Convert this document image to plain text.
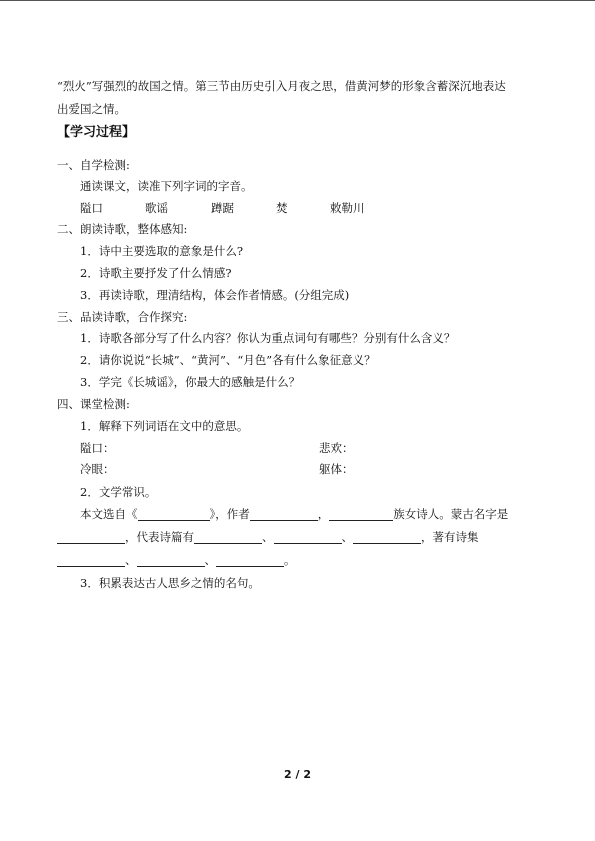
“烈火”写强烈的故国之情。第三节由历史引入月夜之思，借黄河梦的形象含蓄深沉地表达
出爱国之情。
【学习过程】
一、自学检测:
通读课文，读准下列字词的字音。
隘口	歌谣	蹲踞	焚	敕勒川
二、朗读诗歌，整体感知:
1．诗中主要选取的意象是什么?
2．诗歌主要抒发了什么情感?
3．再读诗歌，理清结构，体会作者情感。(分组完成)
三、品读诗歌，合作探究:
1．诗歌各部分写了什么内容？你认为重点词句有哪些？分别有什么含义？
2．请你说说“长城”、“黄河”、“月色”各有什么象征意义？
3．学完《长城谣》，你最大的感触是什么？
四、课堂检测:
1．解释下列词语在文中的意思。
隘口：	悲欢：
冷眼：	躯体：
2．文学常识。
本文选自《	》，作者	，	族女诗人。蒙古名字是
，代表诗篇有	、	、	，著有诗集
、	、	。
3．积累表达古人思乡之情的名句。
2 / 2
